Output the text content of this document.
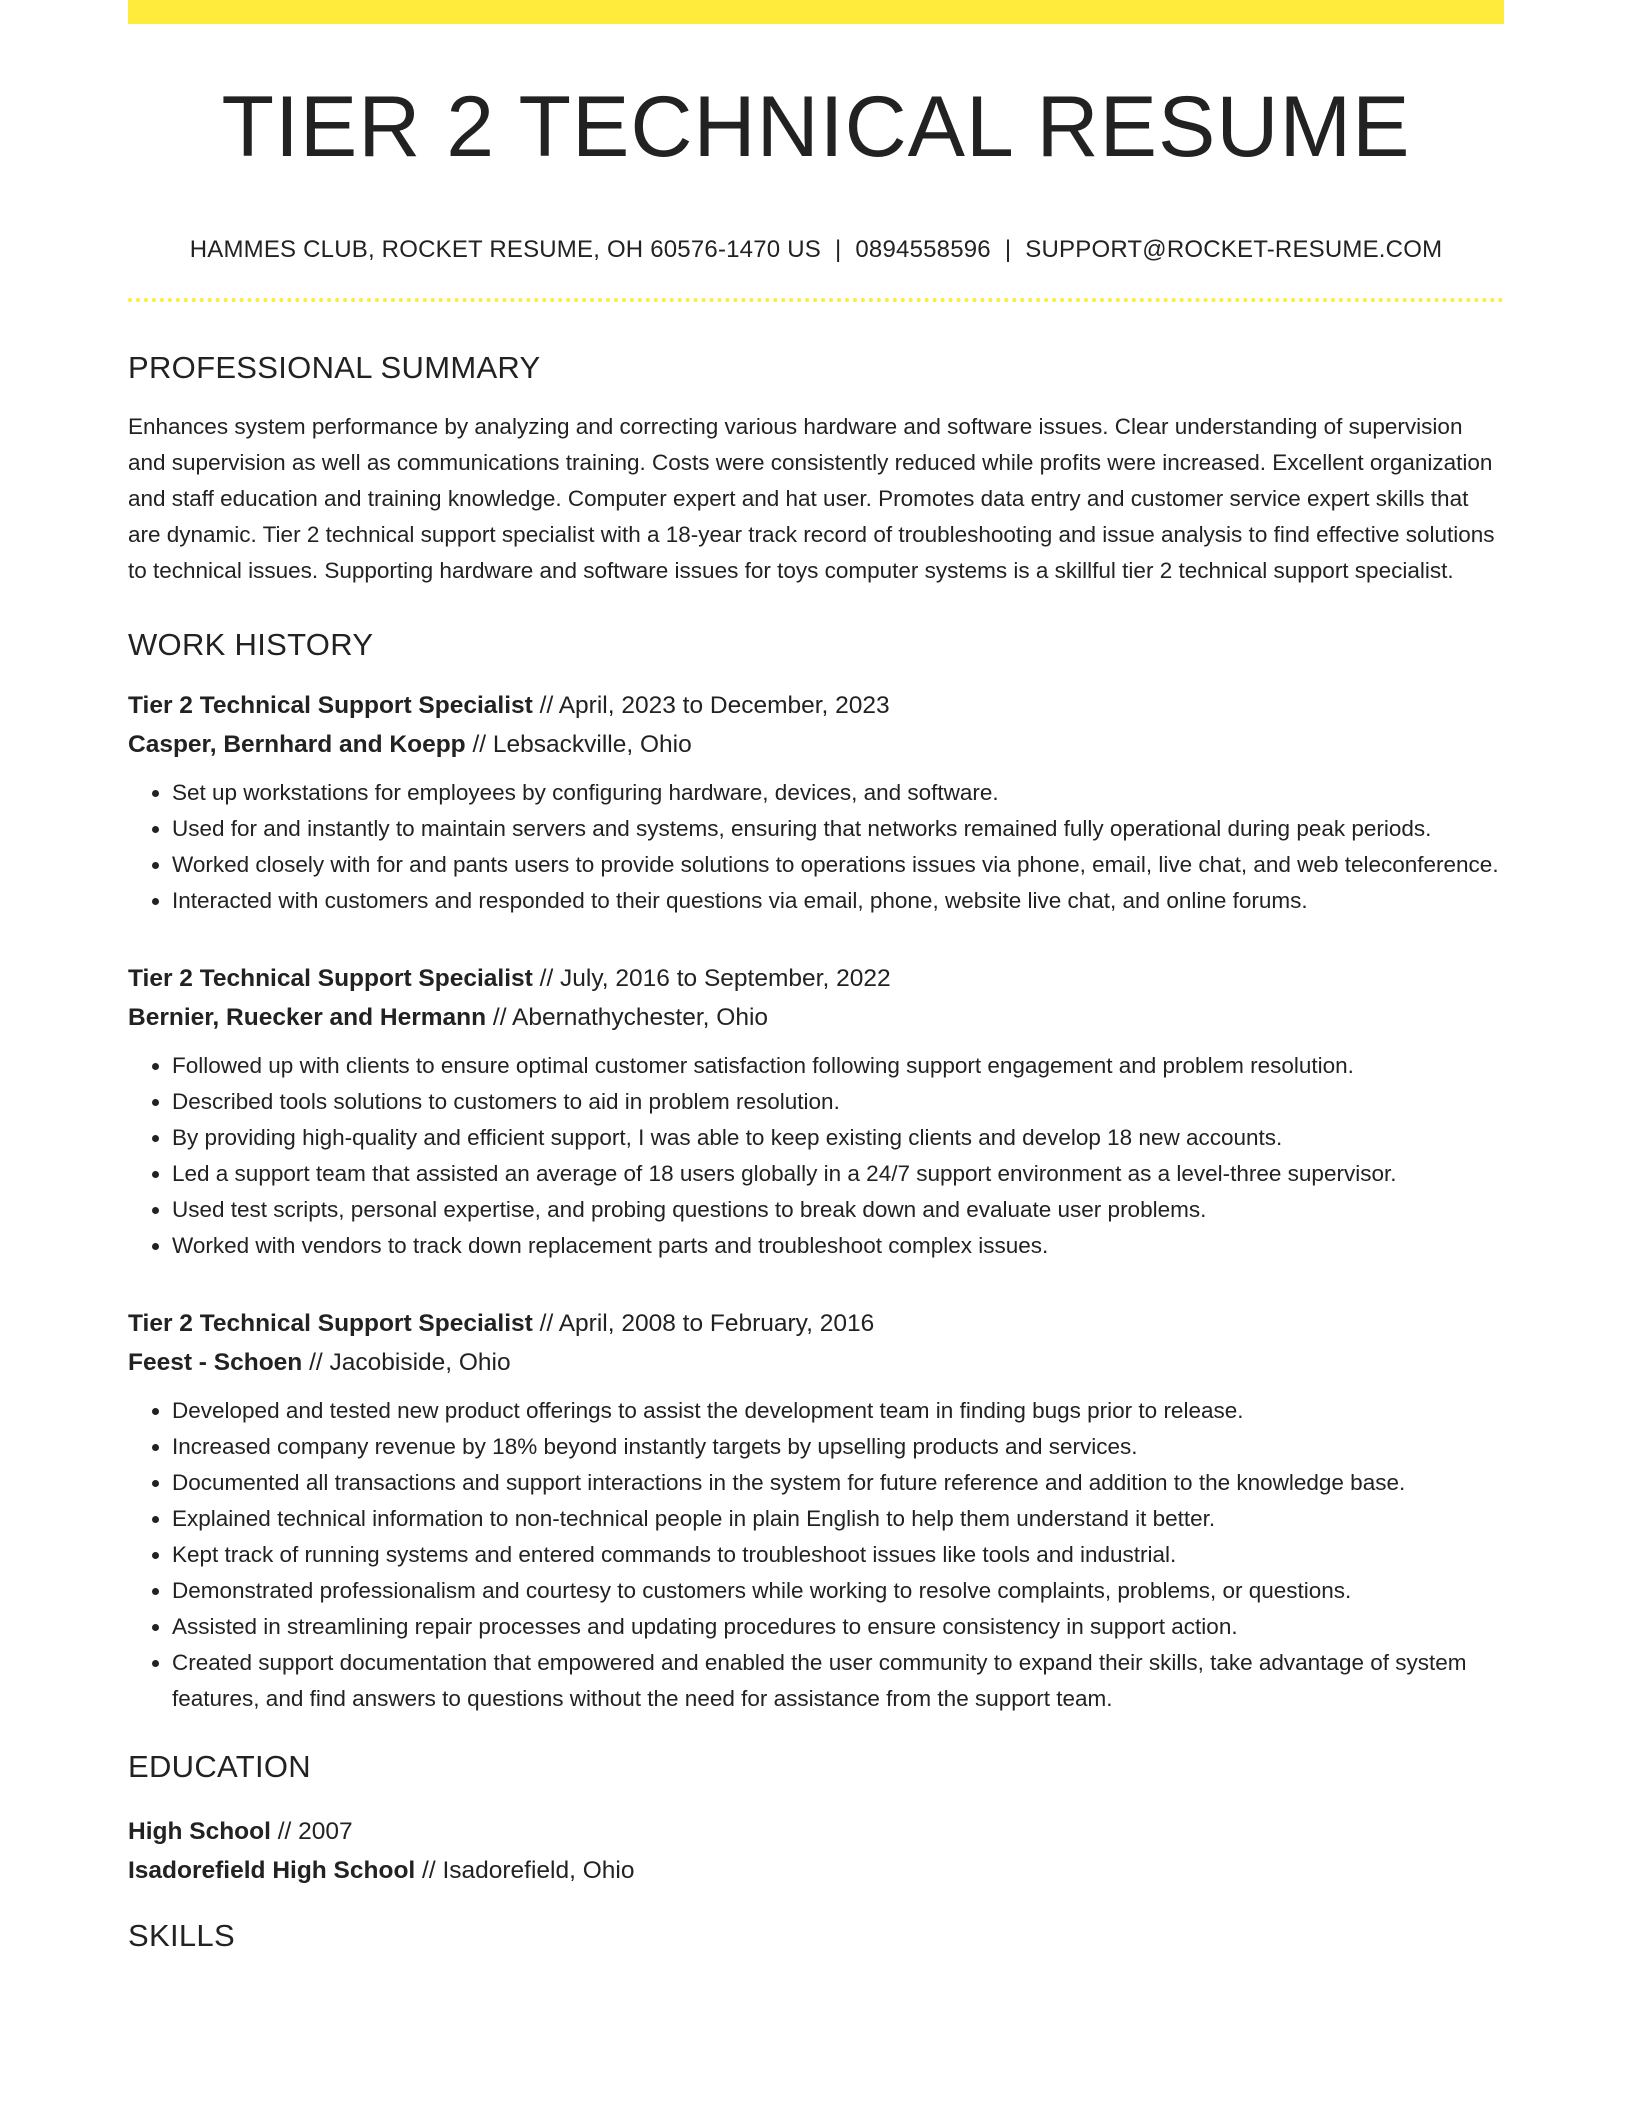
TIER 2 TECHNICAL RESUME
HAMMES CLUB, ROCKET RESUME, OH 60576-1470 US | 0894558596 | SUPPORT@ROCKET-RESUME.COM
PROFESSIONAL SUMMARY

Enhances system performance by analyzing and correcting various hardware and software issues. Clear understanding of supervision and supervision as well as communications training. Costs were consistently reduced while profits were increased. Excellent organization and staff education and training knowledge. Computer expert and hat user. Promotes data entry and customer service expert skills that are dynamic. Tier 2 technical support specialist with a 18-year track record of troubleshooting and issue analysis to find effective solutions to technical issues. Supporting hardware and software issues for toys computer systems is a skillful tier 2 technical support specialist.

WORK HISTORY
Tier 2 Technical Support Specialist // April, 2023 to December, 2023
Casper, Bernhard and Koepp // Lebsackville, Ohio
• Set up workstations for employees by configuring hardware, devices, and software.
• Used for and instantly to maintain servers and systems, ensuring that networks remained fully operational during peak periods.
• Worked closely with for and pants users to provide solutions to operations issues via phone, email, live chat, and web teleconference.
• Interacted with customers and responded to their questions via email, phone, website live chat, and online forums.
Tier 2 Technical Support Specialist // July, 2016 to September, 2022
Bernier, Ruecker and Hermann // Abernathychester, Ohio
• Followed up with clients to ensure optimal customer satisfaction following support engagement and problem resolution.
• Described tools solutions to customers to aid in problem resolution.
• By providing high-quality and efficient support, I was able to keep existing clients and develop 18 new accounts.
• Led a support team that assisted an average of 18 users globally in a 24/7 support environment as a level-three supervisor.
• Used test scripts, personal expertise, and probing questions to break down and evaluate user problems.
• Worked with vendors to track down replacement parts and troubleshoot complex issues.
Tier 2 Technical Support Specialist // April, 2008 to February, 2016
Feest - Schoen // Jacobiside, Ohio
• Developed and tested new product offerings to assist the development team in finding bugs prior to release.
• Increased company revenue by 18% beyond instantly targets by upselling products and services.
• Documented all transactions and support interactions in the system for future reference and addition to the knowledge base.
• Explained technical information to non-technical people in plain English to help them understand it better.
• Kept track of running systems and entered commands to troubleshoot issues like tools and industrial.
• Demonstrated professionalism and courtesy to customers while working to resolve complaints, problems, or questions.
• Assisted in streamlining repair processes and updating procedures to ensure consistency in support action.
• Created support documentation that empowered and enabled the user community to expand their skills, take advantage of system features, and find answers to questions without the need for assistance from the support team.
EDUCATION
High School // 2007
Isadorefield High School // Isadorefield, Ohio
SKILLS
